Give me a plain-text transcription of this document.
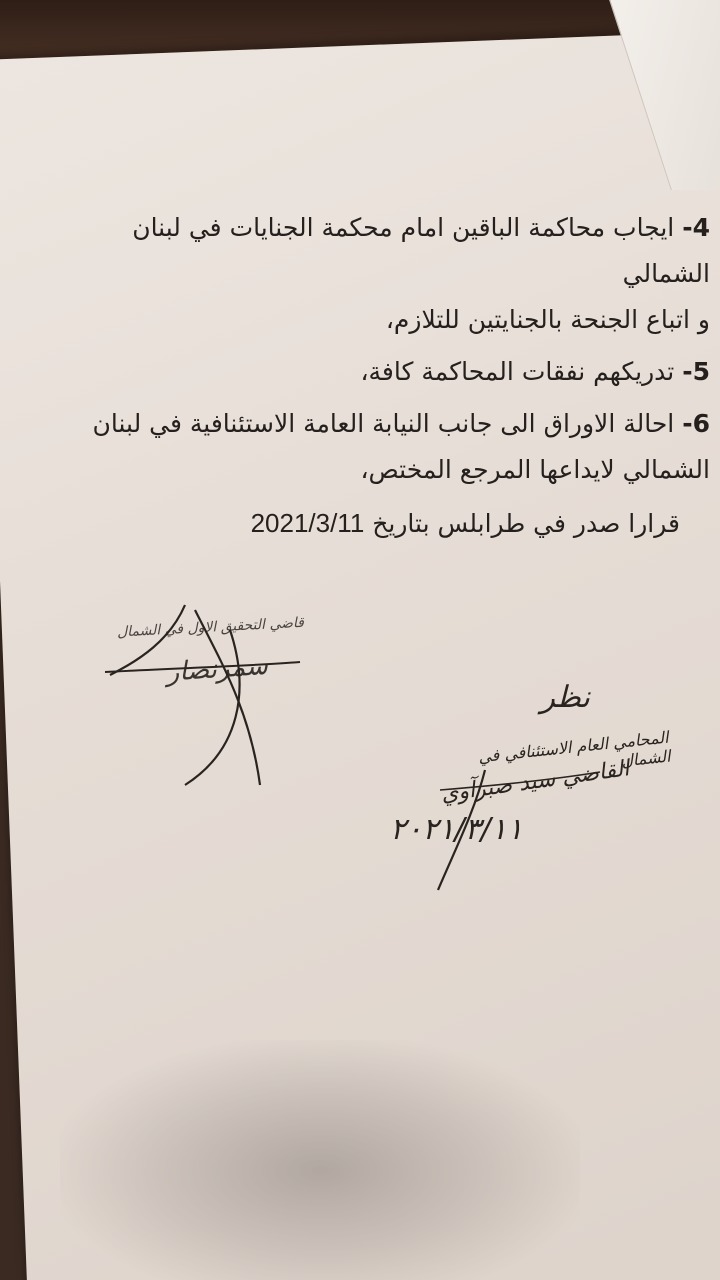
4- ايجاب محاكمة الباقين امام محكمة الجنايات في لبنان الشمالي

و اتباع الجنحة بالجنايتين للتلازم،

5- تدريكهم نفقات المحاكمة كافة،

6- احالة الاوراق الى جانب النيابة العامة الاستئنافية في لبنان

الشمالي لايداعها المرجع المختص،

قرارا صدر في طرابلس بتاريخ 2021/3/11
قاضي التحقيق الاول في الشمال
سمرنصار
نظر
المحامي العام الاستئنافي في الشمال
القاضي سيد صبرآوي
٢٠٢١/٣/١١
